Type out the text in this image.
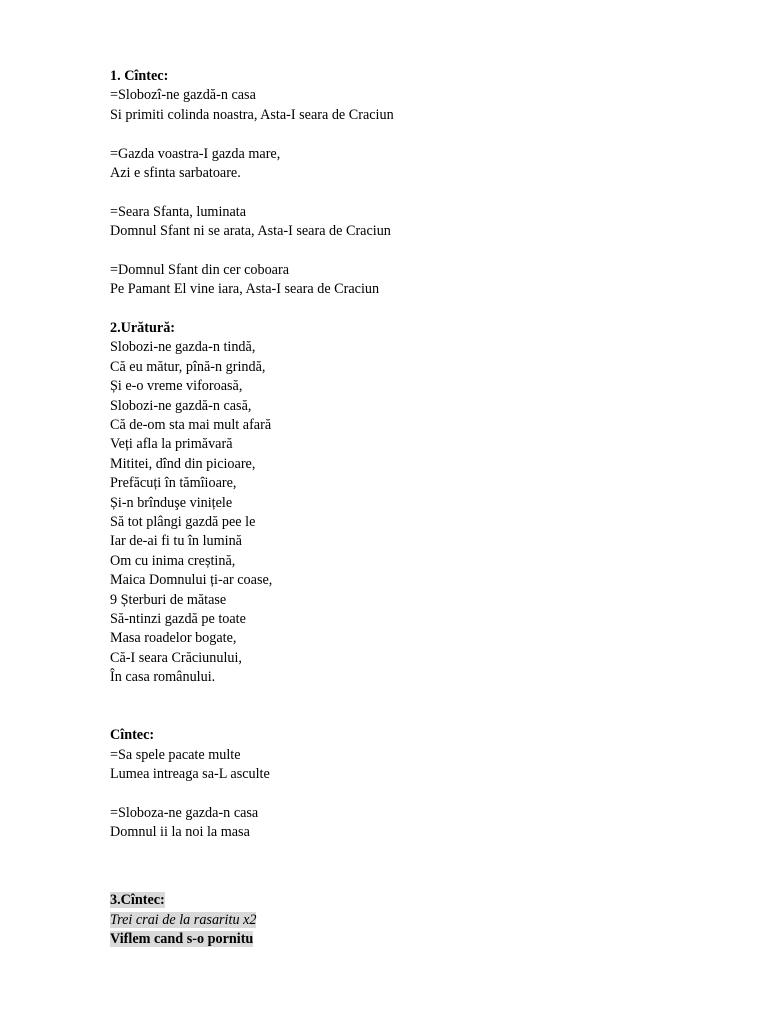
1. Cîntec:
=Slobozî-ne gazdă-n casa
Si primiti colinda noastra, Asta-I seara de Craciun
=Gazda voastra-I gazda mare,
Azi e sfinta sarbatoare.
=Seara Sfanta, luminata
Domnul Sfant ni se arata, Asta-I seara de Craciun
=Domnul Sfant din cer coboara
Pe Pamant El vine iara, Asta-I seara de Craciun
2.Urătură:
Slobozi-ne gazda-n tindă,
Că eu mătur, pînă-n grindă,
Și e-o vreme viforoasă,
Slobozi-ne gazdă-n casă,
Că de-om sta mai mult afară
Veți afla la primăvară
Mititei, dînd din picioare,
Prefăcuți în tămîioare,
Și-n brînduşe vinițele
Să tot plângi gazdă pee le
Iar de-ai fi tu în lumină
Om cu inima creștină,
Maica Domnului ți-ar coase,
9 Șterburi de mătase
Să-ntinzi gazdă pe toate
Masa roadelor bogate,
Că-I seara Crăciunului,
În casa românului.
Cîntec:
=Sa spele pacate multe
Lumea intreaga sa-L asculte
=Sloboza-ne gazda-n casa
Domnul ii la noi la masa
3.Cîntec:
Trei crai de la rasaritu x2
Viflem cand s-o pornitu
